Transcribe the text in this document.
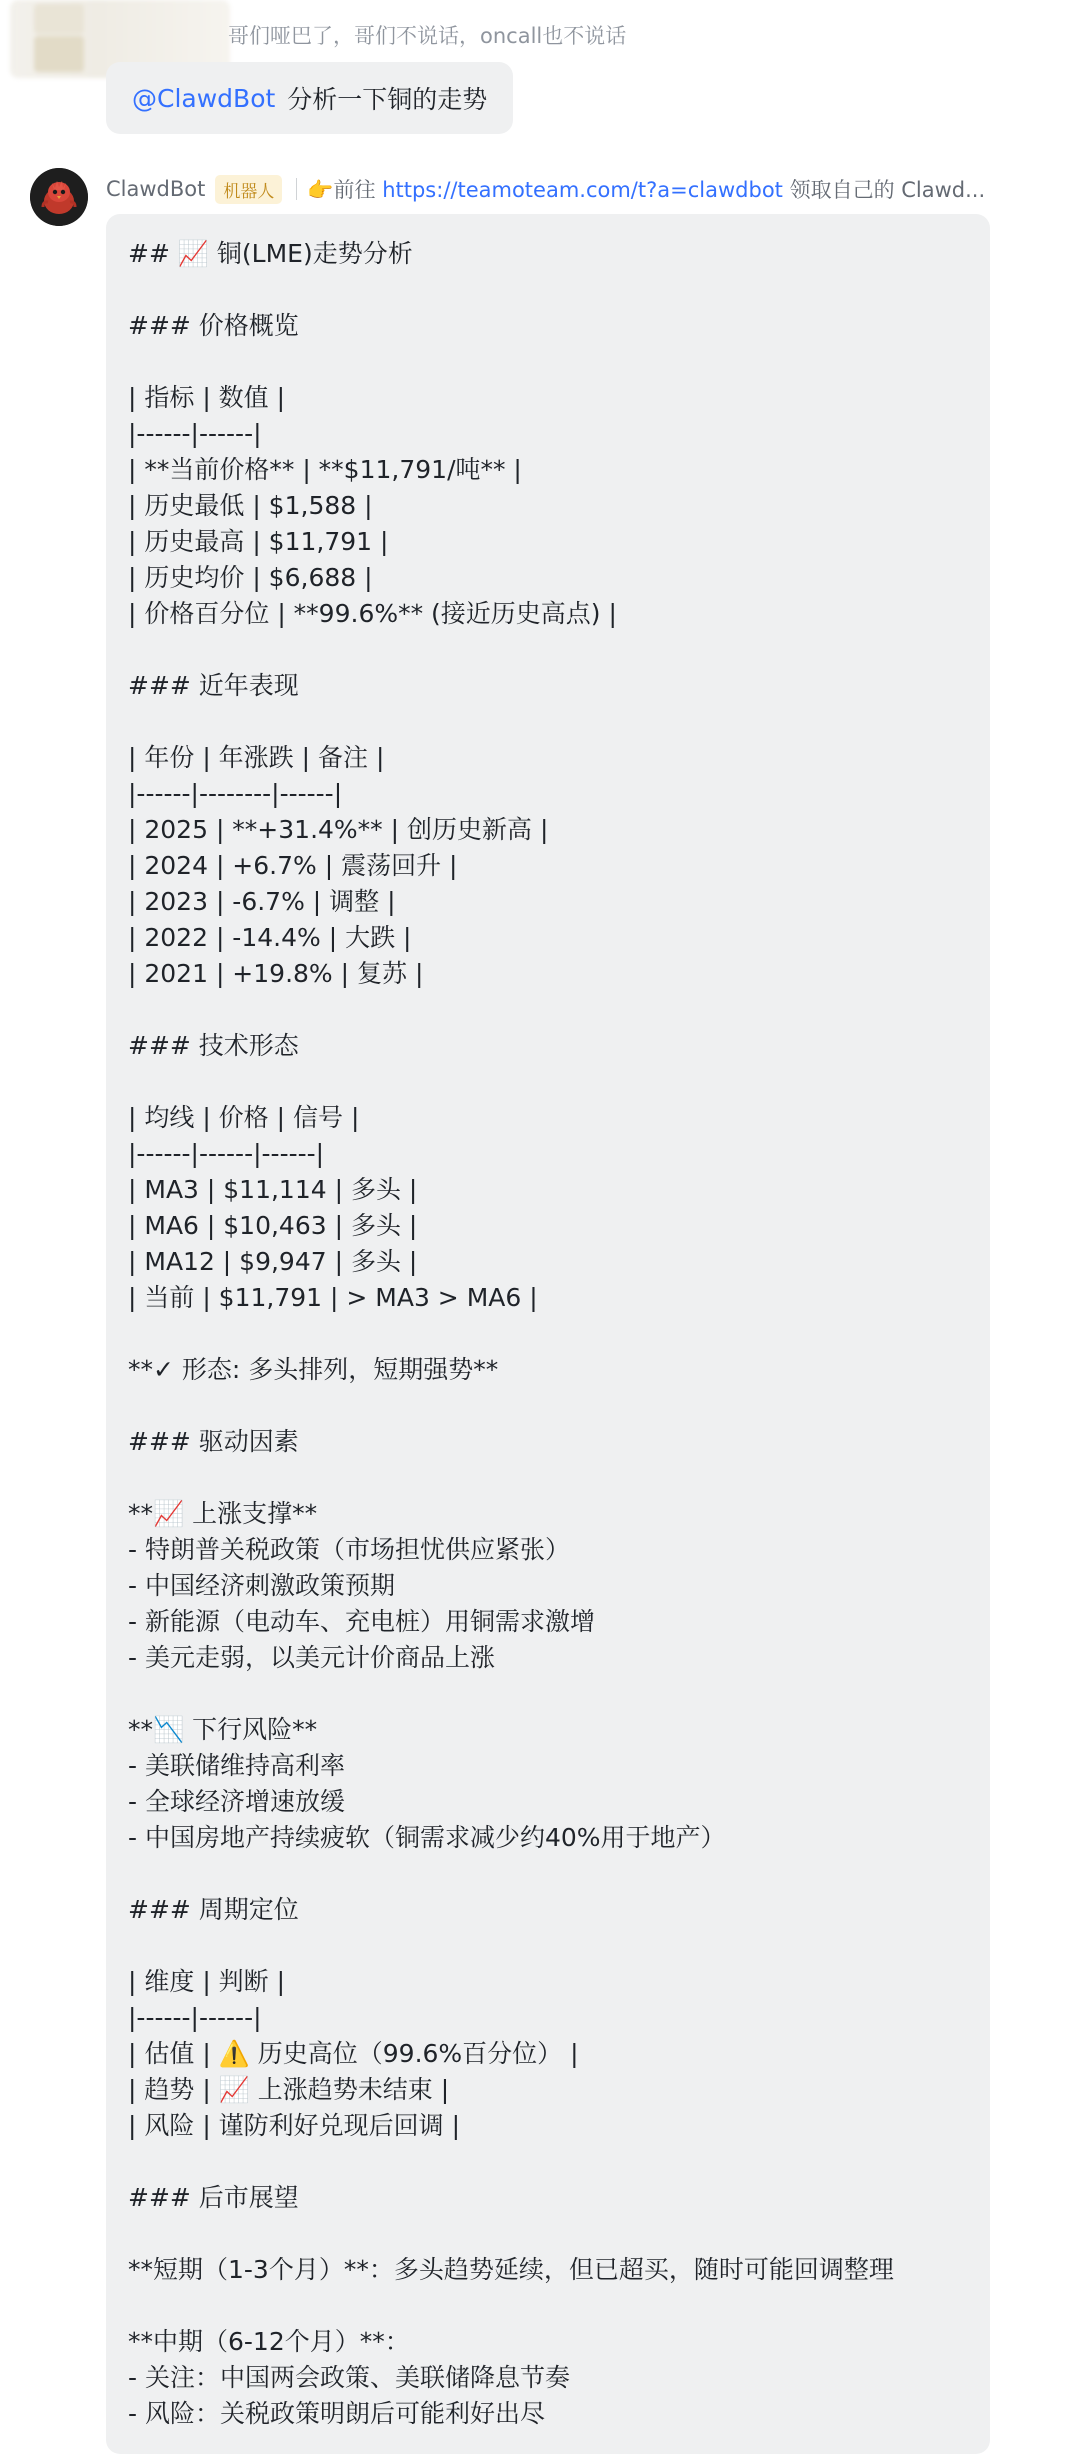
哥们哑巴了，哥们不说话，oncall也不说话
@ClawdBot 分析一下铜的走势
ClawdBot	机器人	👉前往 https://teamoteam.com/t?a=clawdbot 领取自己的 Clawd...
## 📈 铜(LME)走势分析
### 价格概览
| 指标 | 数值 |
|------|------|
| **当前价格** | **$11,791/吨** |
| 历史最低 | $1,588 |
| 历史最高 | $11,791 |
| 历史均价 | $6,688 |
| 价格百分位 | **99.6%** (接近历史高点) |
### 近年表现
| 年份 | 年涨跌 | 备注 |
|------|--------|------|
| 2025 | **+31.4%** | 创历史新高 |
| 2024 | +6.7% | 震荡回升 |
| 2023 | -6.7% | 调整 |
| 2022 | -14.4% | 大跌 |
| 2021 | +19.8% | 复苏 |
### 技术形态
| 均线 | 价格 | 信号 |
|------|------|------|
| MA3 | $11,114 | 多头 |
| MA6 | $10,463 | 多头 |
| MA12 | $9,947 | 多头 |
| 当前 | $11,791 | > MA3 > MA6 |
**✓ 形态: 多头排列，短期强势**
### 驱动因素
**📈 上涨支撑**
- 特朗普关税政策（市场担忧供应紧张）
- 中国经济刺激政策预期
- 新能源（电动车、充电桩）用铜需求激增
- 美元走弱，以美元计价商品上涨
**📉 下行风险**
- 美联储维持高利率
- 全球经济增速放缓
- 中国房地产持续疲软（铜需求减少约40%用于地产）
### 周期定位
| 维度 | 判断 |
|------|------|
| 估值 | ⚠️ 历史高位（99.6%百分位） |
| 趋势 | 📈 上涨趋势未结束 |
| 风险 | 谨防利好兑现后回调 |
### 后市展望
**短期（1-3个月）**：多头趋势延续，但已超买，随时可能回调整理
**中期（6-12个月）**：
- 关注：中国两会政策、美联储降息节奏
- 风险：关税政策明朗后可能利好出尽
